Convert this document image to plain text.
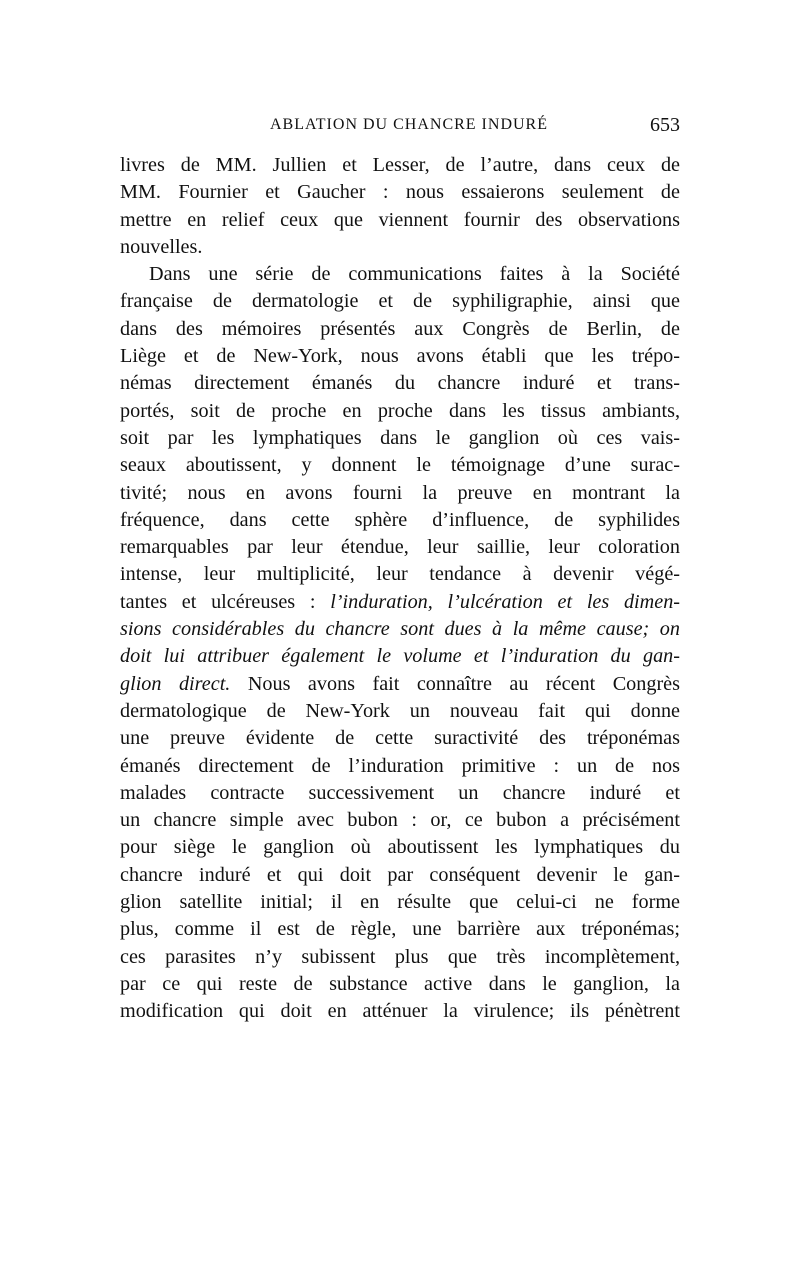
ABLATION DU CHANCRE INDURÉ	653
livres de MM. Jullien et Lesser, de l’autre, dans ceux de
MM. Fournier et Gaucher : nous essaierons seulement de
mettre en relief ceux que viennent fournir des observations
nouvelles.
Dans une série de communications faites à la Société
française de dermatologie et de syphiligraphie, ainsi que
dans des mémoires présentés aux Congrès de Berlin, de
Liège et de New-York, nous avons établi que les trépo-
némas directement émanés du chancre induré et trans-
portés, soit de proche en proche dans les tissus ambiants,
soit par les lymphatiques dans le ganglion où ces vais-
seaux aboutissent, y donnent le témoignage d’une surac-
tivité; nous en avons fourni la preuve en montrant la
fréquence, dans cette sphère d’influence, de syphilides
remarquables par leur étendue, leur saillie, leur coloration
intense, leur multiplicité, leur tendance à devenir végé-
tantes et ulcéreuses : l’induration, l’ulcération et les dimen-
sions considérables du chancre sont dues à la même cause; on
doit lui attribuer également le volume et l’induration du gan-
glion direct. Nous avons fait connaître au récent Congrès
dermatologique de New-York un nouveau fait qui donne
une preuve évidente de cette suractivité des tréponémas
émanés directement de l’induration primitive : un de nos
malades contracte successivement un chancre induré et
un chancre simple avec bubon : or, ce bubon a précisément
pour siège le ganglion où aboutissent les lymphatiques du
chancre induré et qui doit par conséquent devenir le gan-
glion satellite initial; il en résulte que celui-ci ne forme
plus, comme il est de règle, une barrière aux tréponémas;
ces parasites n’y subissent plus que très incomplètement,
par ce qui reste de substance active dans le ganglion, la
modification qui doit en atténuer la virulence; ils pénètrent
